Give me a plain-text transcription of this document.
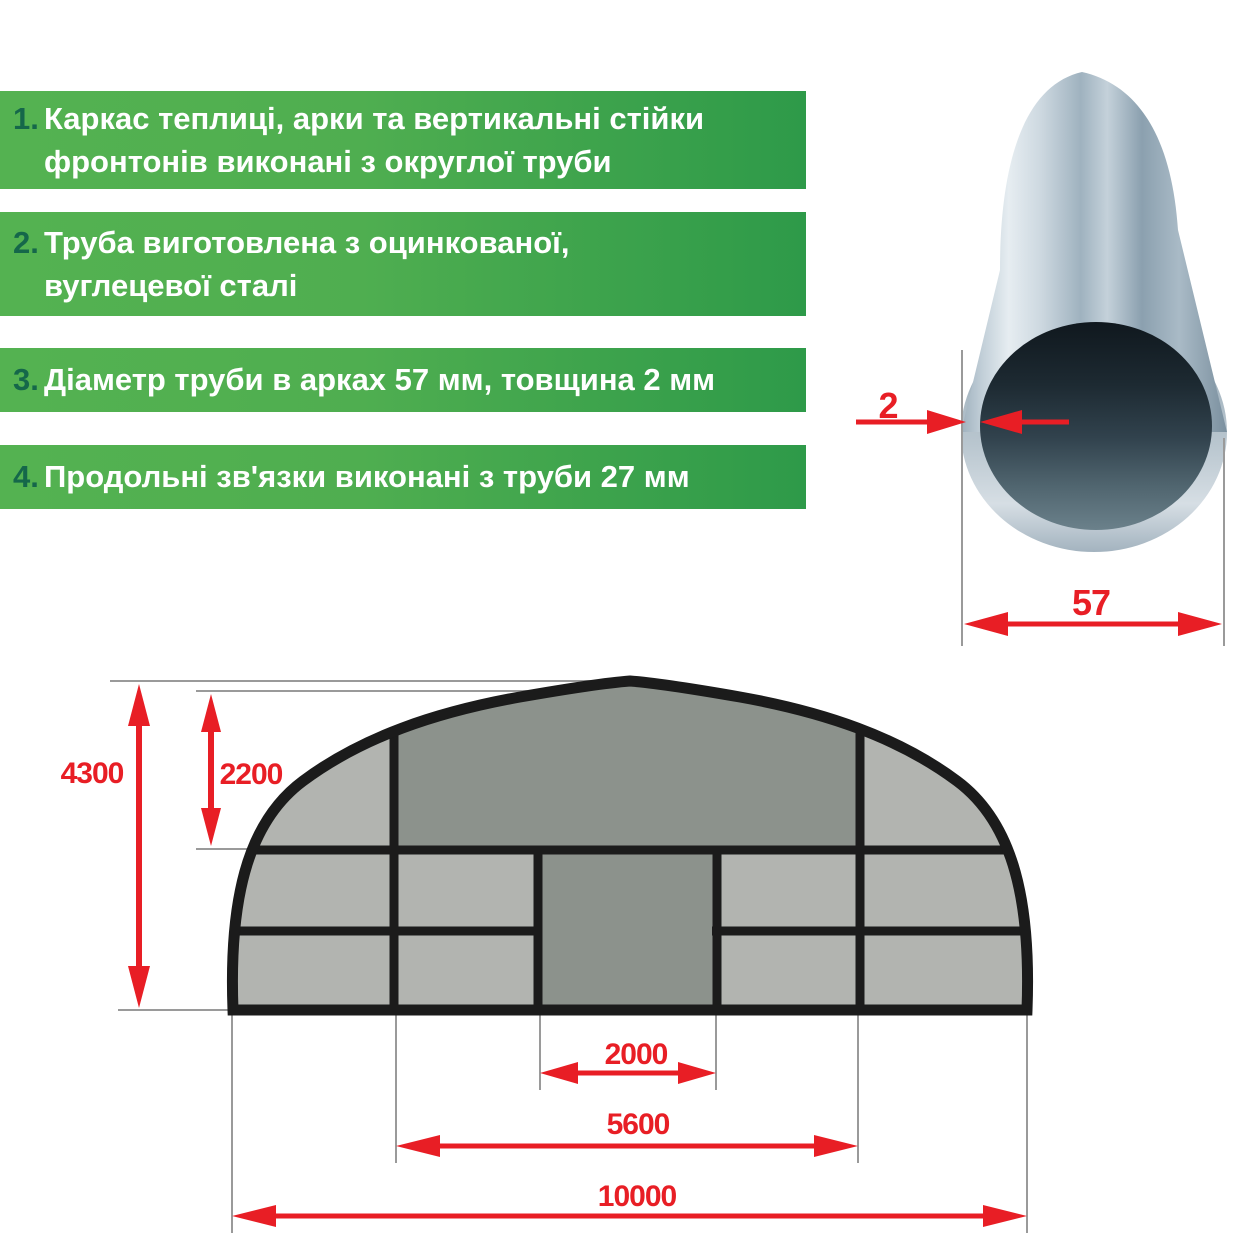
1. Каркас теплиці, арки та вертикальні стійки
фронтонів виконані з округлої труби
2. Труба виготовлена з оцинкованої,
вуглецевої сталі
3. Діаметр труби в арках 57 мм, товщина 2 мм
4. Продольні зв'язки виконані з труби 27 мм
2
57
4300	2200
2000
5600
10000
